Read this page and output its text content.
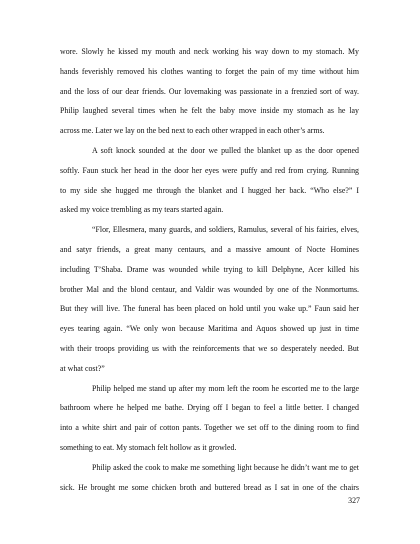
wore. Slowly he kissed my mouth and neck working his way down to my stomach. My
hands feverishly removed his clothes wanting to forget the pain of my time without him
and the loss of our dear friends. Our lovemaking was passionate in a frenzied sort of way.
Philip laughed several times when he felt the baby move inside my stomach as he lay
across me. Later we lay on the bed next to each other wrapped in each other’s arms.
A soft knock sounded at the door we pulled the blanket up as the door opened
softly. Faun stuck her head in the door her eyes were puffy and red from crying. Running
to my side she hugged me through the blanket and I hugged her back. “Who else?” I
asked my voice trembling as my tears started again.
“Flor, Ellesmera, many guards, and soldiers, Ramulus, several of his fairies, elves,
and satyr friends, a great many centaurs, and a massive amount of Nocte Homines
including T’Shaba. Drame was wounded while trying to kill Delphyne, Acer killed his
brother Mal and the blond centaur, and Valdir was wounded by one of the Nonmortums.
But they will live. The funeral has been placed on hold until you wake up.” Faun said her
eyes tearing again. “We only won because Maritima and Aquos showed up just in time
with their troops providing us with the reinforcements that we so desperately needed. But
at what cost?”
Philip helped me stand up after my mom left the room he escorted me to the large
bathroom where he helped me bathe. Drying off I began to feel a little better. I changed
into a white shirt and pair of cotton pants. Together we set off to the dining room to find
something to eat. My stomach felt hollow as it growled.
Philip asked the cook to make me something light because he didn’t want me to get
sick. He brought me some chicken broth and buttered bread as I sat in one of the chairs
327
